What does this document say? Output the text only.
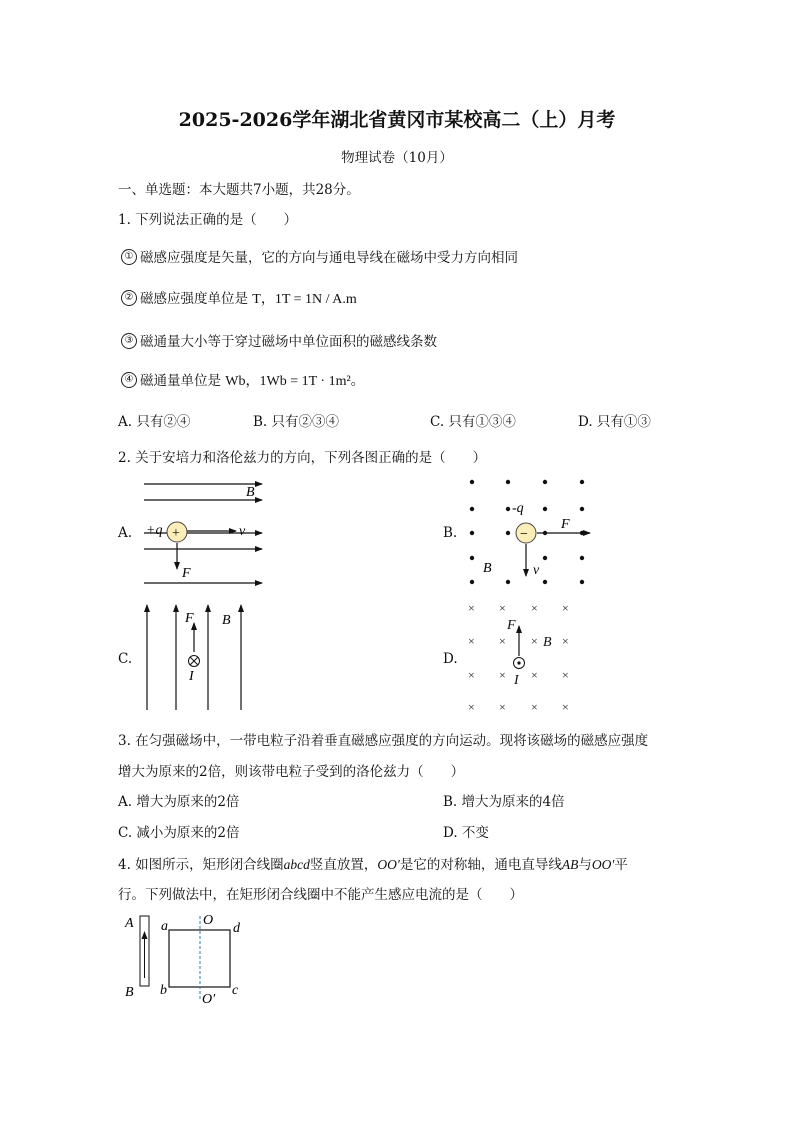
2025-2026学年湖北省黄冈市某校高二（上）月考
物理试卷（10月）
一、单选题：本大题共7小题，共28分。
1. 下列说法正确的是（　　）
① 磁感应强度是矢量，它的方向与通电导线在磁场中受力方向相同
② 磁感应强度单位是 T，1T = 1N / A.m
③ 磁通量大小等于穿过磁场中单位面积的磁感线条数
④ 磁通量单位是 Wb，1Wb = 1T · 1m²。
A. 只有②④	B. 只有②③④	C. 只有①③④	D. 只有①③
2. 关于安培力和洛伦兹力的方向，下列各图正确的是（　　）
A.	B.
C.	D.
B
v
+
+q
F
-q
F
−
v
B
B
F
I
× × × ×
× × × ×
× × × ×
× × × ×
B
F
I
A
B
a
b	c
d
O
O′
3. 在匀强磁场中，一带电粒子沿着垂直磁感应强度的方向运动。现将该磁场的磁感应强度
增大为原来的2倍，则该带电粒子受到的洛伦兹力（　　）
A. 增大为原来的2倍	B. 增大为原来的4倍
C. 减小为原来的2倍	D. 不变
4. 如图所示，矩形闭合线圈abcd竖直放置，OO′是它的对称轴，通电直导线AB与OO′平
行。下列做法中，在矩形闭合线圈中不能产生感应电流的是（　　）
